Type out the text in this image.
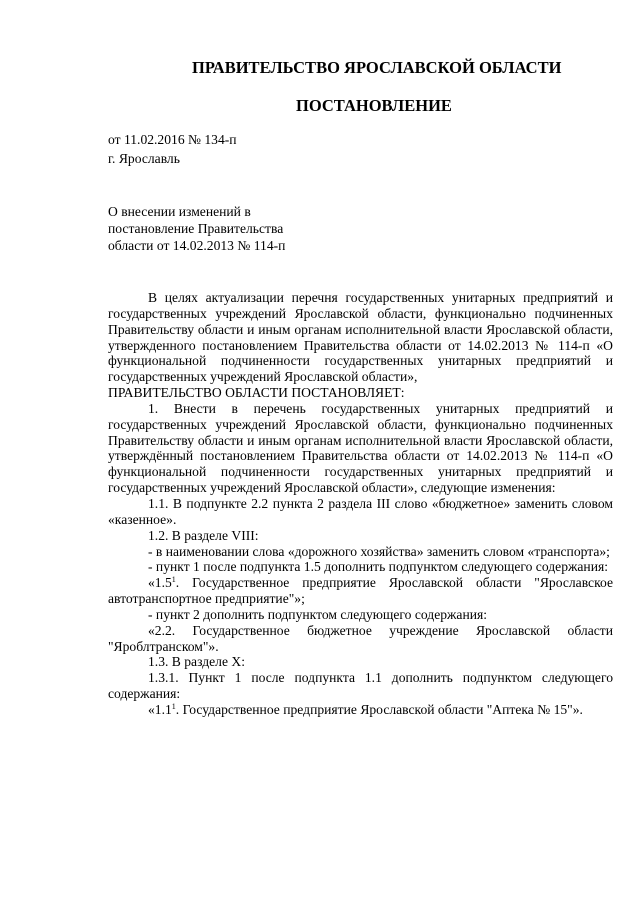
ПРАВИТЕЛЬСТВО ЯРОСЛАВСКОЙ ОБЛАСТИ
ПОСТАНОВЛЕНИЕ
от 11.02.2016 № 134-п
г. Ярославль
О внесении изменений в
постановление Правительства
области от 14.02.2013 № 114-п

В целях актуализации перечня государственных унитарных предприятий и государственных учреждений Ярославской области, функционально подчиненных Правительству области и иным органам исполнительной власти Ярославской области, утвержденного постановлением Правительства области от 14.02.2013 № 114-п «О функциональной подчиненности государственных унитарных предприятий и государственных учреждений Ярославской области»,

ПРАВИТЕЛЬСТВО ОБЛАСТИ ПОСТАНОВЛЯЕТ:

1. Внести в перечень государственных унитарных предприятий и государственных учреждений Ярославской области, функционально подчиненных Правительству области и иным органам исполнительной власти Ярославской области, утверждённый постановлением Правительства области от 14.02.2013 № 114-п «О функциональной подчиненности государственных унитарных предприятий и государственных учреждений Ярославской области», следующие изменения:

1.1. В подпункте 2.2 пункта 2 раздела III слово «бюджетное» заменить словом «казенное».

1.2. В разделе VIII:

- в наименовании слова «дорожного хозяйства» заменить словом «транспорта»;

- пункт 1 после подпункта 1.5 дополнить подпунктом следующего содержания:

«$1.5^1$. Государственное предприятие Ярославской области "Ярославское автотранспортное предприятие"»;

- пункт 2 дополнить подпунктом следующего содержания:

«2.2. Государственное бюджетное учреждение Ярославской области "Яроблтранском"».

1.3. В разделе X:

1.3.1. Пункт 1 после подпункта 1.1 дополнить подпунктом следующего содержания:

«$1.1^1$. Государственное предприятие Ярославской области "Аптека № 15"».
